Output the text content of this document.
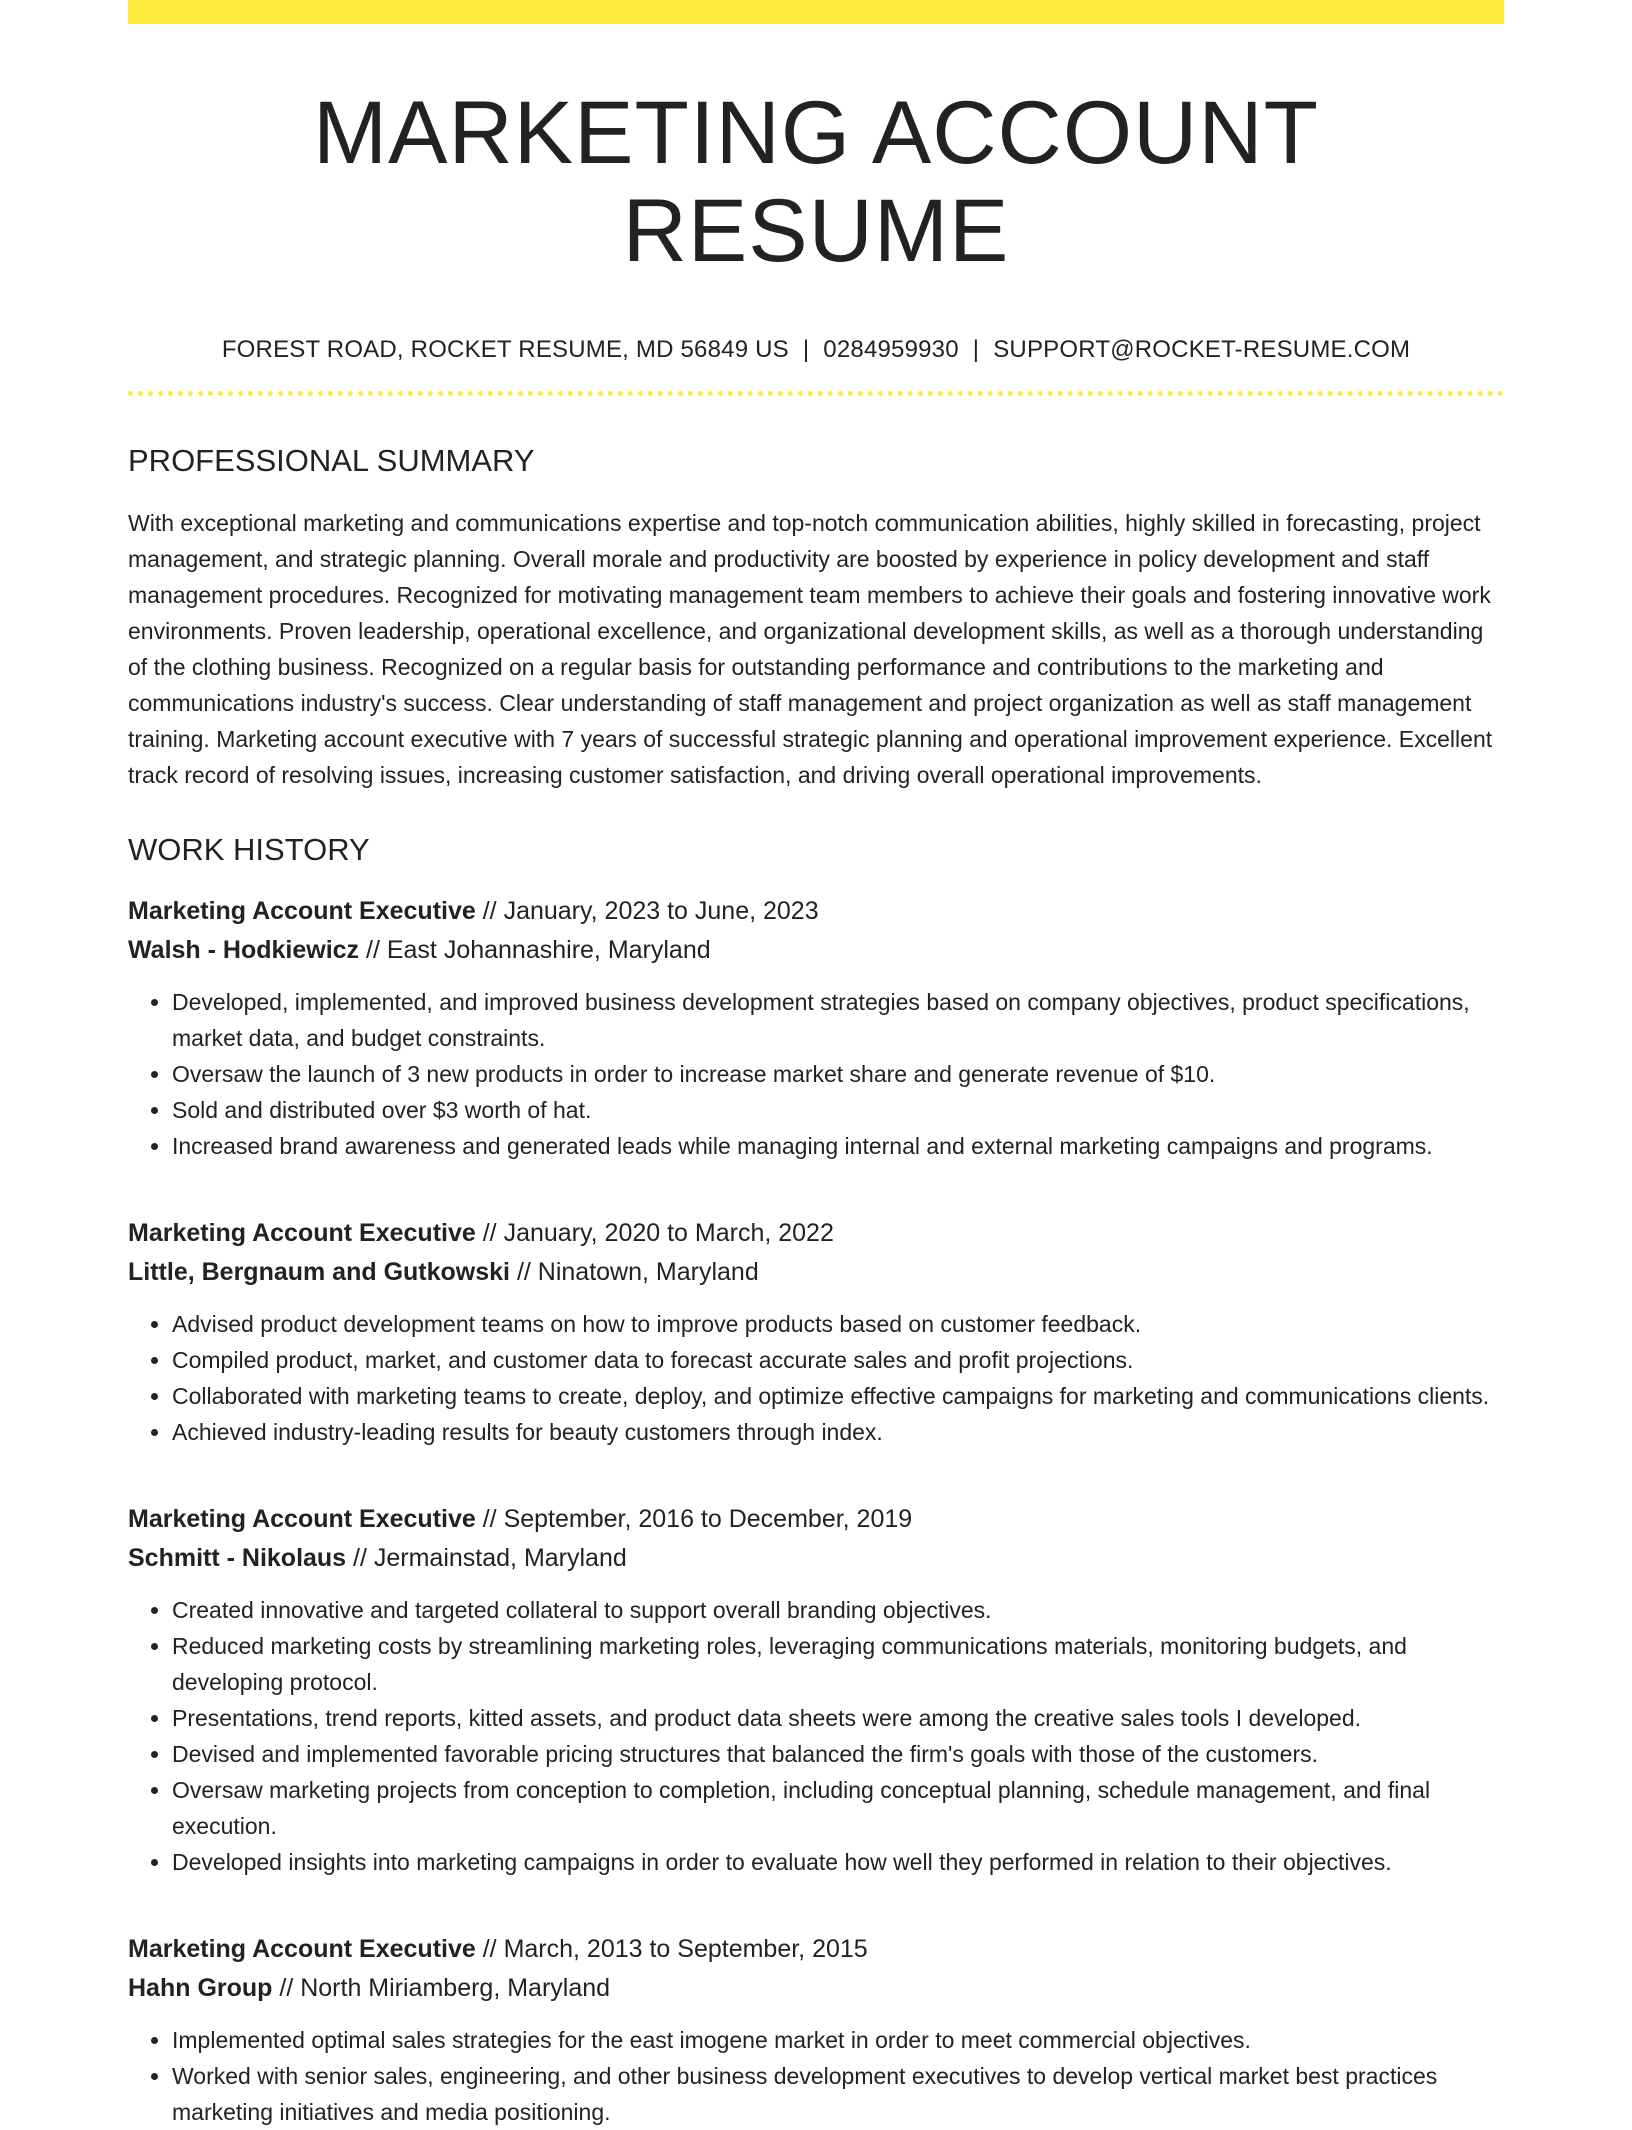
MARKETING ACCOUNT RESUME
FOREST ROAD, ROCKET RESUME, MD 56849 US | 0284959930 | SUPPORT@ROCKET-RESUME.COM
PROFESSIONAL SUMMARY

With exceptional marketing and communications expertise and top-notch communication abilities, highly skilled in forecasting, project management, and strategic planning. Overall morale and productivity are boosted by experience in policy development and staff management procedures. Recognized for motivating management team members to achieve their goals and fostering innovative work environments. Proven leadership, operational excellence, and organizational development skills, as well as a thorough understanding of the clothing business. Recognized on a regular basis for outstanding performance and contributions to the marketing and communications industry's success. Clear understanding of staff management and project organization as well as staff management training. Marketing account executive with 7 years of successful strategic planning and operational improvement experience. Excellent track record of resolving issues, increasing customer satisfaction, and driving overall operational improvements.

WORK HISTORY
Marketing Account Executive // January, 2023 to June, 2023
Walsh - Hodkiewicz // East Johannashire, Maryland
• Developed, implemented, and improved business development strategies based on company objectives, product specifications, market data, and budget constraints.
• Oversaw the launch of 3 new products in order to increase market share and generate revenue of $10.
• Sold and distributed over $3 worth of hat.
• Increased brand awareness and generated leads while managing internal and external marketing campaigns and programs.
Marketing Account Executive // January, 2020 to March, 2022
Little, Bergnaum and Gutkowski // Ninatown, Maryland
• Advised product development teams on how to improve products based on customer feedback.
• Compiled product, market, and customer data to forecast accurate sales and profit projections.
• Collaborated with marketing teams to create, deploy, and optimize effective campaigns for marketing and communications clients.
• Achieved industry-leading results for beauty customers through index.
Marketing Account Executive // September, 2016 to December, 2019
Schmitt - Nikolaus // Jermainstad, Maryland
• Created innovative and targeted collateral to support overall branding objectives.
• Reduced marketing costs by streamlining marketing roles, leveraging communications materials, monitoring budgets, and developing protocol.
• Presentations, trend reports, kitted assets, and product data sheets were among the creative sales tools I developed.
• Devised and implemented favorable pricing structures that balanced the firm's goals with those of the customers.
• Oversaw marketing projects from conception to completion, including conceptual planning, schedule management, and final execution.
• Developed insights into marketing campaigns in order to evaluate how well they performed in relation to their objectives.
Marketing Account Executive // March, 2013 to September, 2015
Hahn Group // North Miriamberg, Maryland
• Implemented optimal sales strategies for the east imogene market in order to meet commercial objectives.
• Worked with senior sales, engineering, and other business development executives to develop vertical market best practices marketing initiatives and media positioning.
